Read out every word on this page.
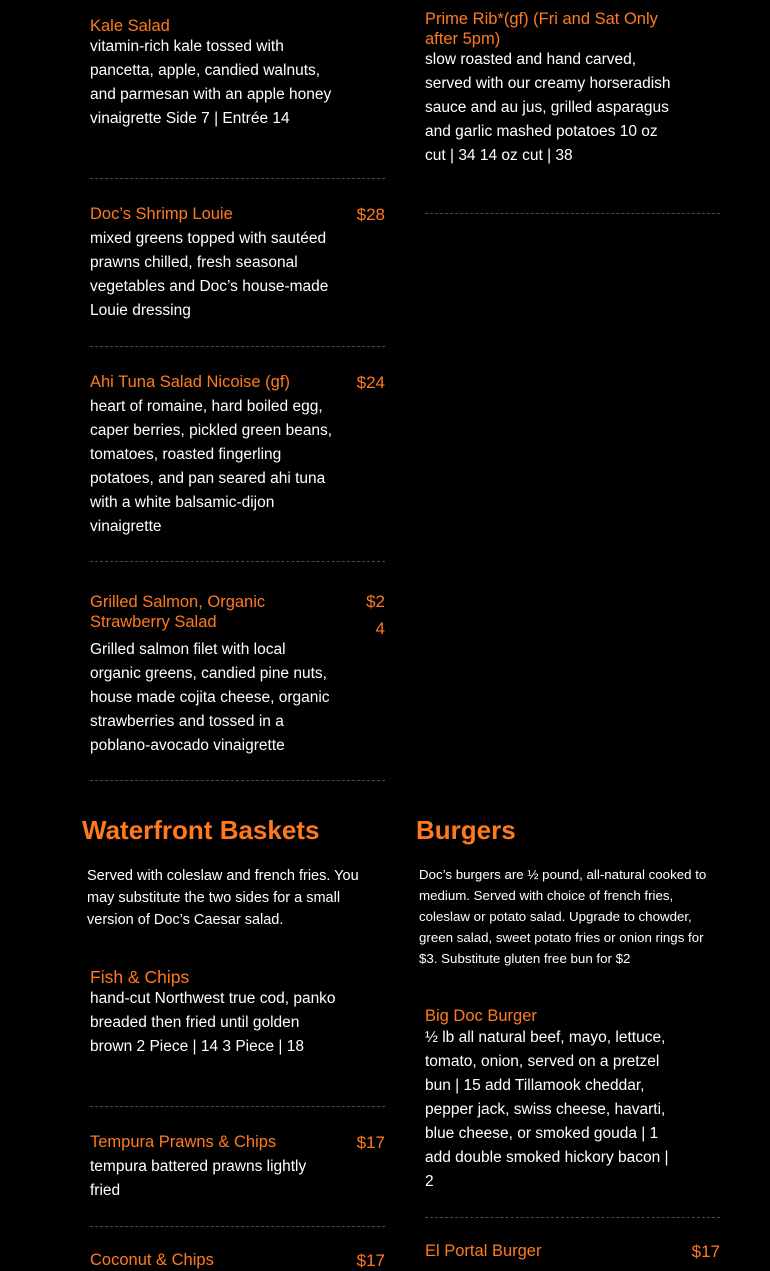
Kale Salad
vitamin-rich kale tossed with pancetta, apple, candied walnuts, and parmesan with an apple honey vinaigrette Side 7 | Entrée 14
Doc’s Shrimp Louie	$28
mixed greens topped with sautéed prawns chilled, fresh seasonal vegetables and Doc’s house-made Louie dressing
Ahi Tuna Salad Nicoise (gf)	$24
heart of romaine, hard boiled egg, caper berries, pickled green beans, tomatoes, roasted fingerling potatoes, and pan seared ahi tuna with a white balsamic-dijon vinaigrette
Grilled Salmon, Organic Strawberry Salad
$2
4
Grilled salmon filet with local organic greens, candied pine nuts, house made cojita cheese, organic strawberries and tossed in a poblano-avocado vinaigrette
Prime Rib*(gf) (Fri and Sat Only after 5pm)
slow roasted and hand carved, served with our creamy horseradish sauce and au jus, grilled asparagus and garlic mashed potatoes 10 oz cut | 34 14 oz cut | 38
Waterfront Baskets
Served with coleslaw and french fries. You may substitute the two sides for a small version of Doc’s Caesar salad.
Fish & Chips
hand-cut Northwest true cod, panko breaded then fried until golden brown 2 Piece | 14 3 Piece | 18
Tempura Prawns & Chips	$17
tempura battered prawns lightly fried
Coconut & Chips	$17
Burgers
Doc’s burgers are ½ pound, all-natural cooked to medium. Served with choice of french fries, coleslaw or potato salad. Upgrade to chowder, green salad, sweet potato fries or onion rings for $3. Substitute gluten free bun for $2
Big Doc Burger
½ lb all natural beef, mayo, lettuce, tomato, onion, served on a pretzel bun | 15 add Tillamook cheddar, pepper jack, swiss cheese, havarti, blue cheese, or smoked gouda | 1 add double smoked hickory bacon | 2
El Portal Burger	$17
